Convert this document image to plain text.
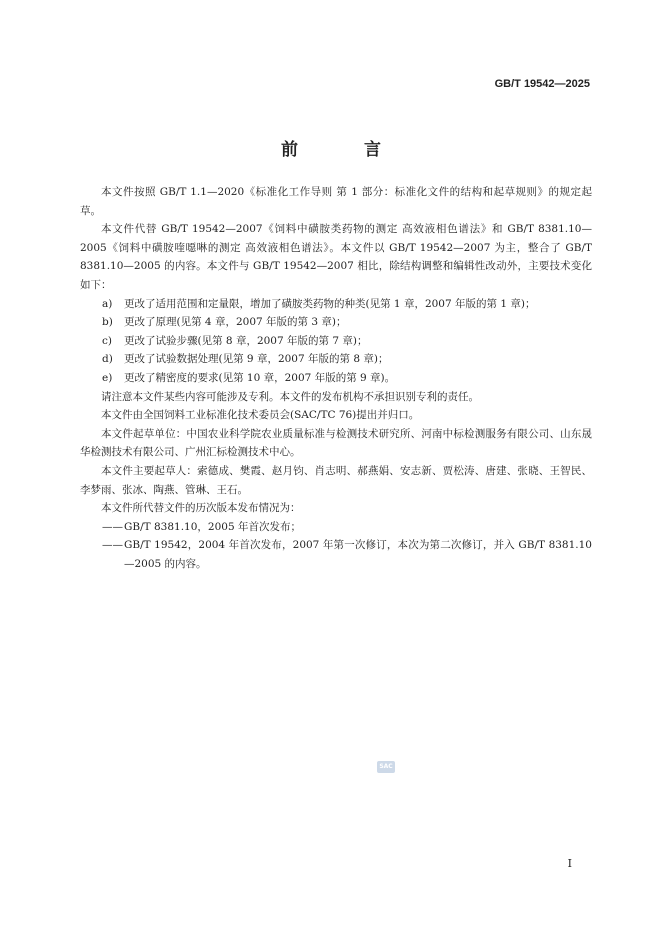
GB/T 19542—2025
前 言

本文件按照 GB/T 1.1—2020《标准化工作导则 第 1 部分：标准化文件的结构和起草规则》的规定起草。

本文件代替 GB/T 19542—2007《饲料中磺胺类药物的测定 高效液相色谱法》和 GB/T 8381.10—2005《饲料中磺胺喹噁啉的测定 高效液相色谱法》。本文件以 GB/T 19542—2007 为主，整合了 GB/T 8381.10—2005 的内容。本文件与 GB/T 19542—2007 相比，除结构调整和编辑性改动外，主要技术变化如下：

a) 更改了适用范围和定量限，增加了磺胺类药物的种类(见第 1 章，2007 年版的第 1 章)；

b) 更改了原理(见第 4 章，2007 年版的第 3 章)；

c) 更改了试验步骤(见第 8 章，2007 年版的第 7 章)；

d) 更改了试验数据处理(见第 9 章，2007 年版的第 8 章)；

e) 更改了精密度的要求(见第 10 章，2007 年版的第 9 章)。

请注意本文件某些内容可能涉及专利。本文件的发布机构不承担识别专利的责任。

本文件由全国饲料工业标准化技术委员会(SAC/TC 76)提出并归口。

本文件起草单位：中国农业科学院农业质量标准与检测技术研究所、河南中标检测服务有限公司、山东晟华检测技术有限公司、广州汇标检测技术中心。

本文件主要起草人：索德成、樊霞、赵月钧、肖志明、郝燕娟、安志新、贾松涛、唐建、张晓、王智民、李梦雨、张冰、陶燕、管琳、王石。

本文件所代替文件的历次版本发布情况为：

—— GB/T 8381.10，2005 年首次发布；

—— GB/T 19542，2004 年首次发布，2007 年第一次修订，本次为第二次修订，并入 GB/T 8381.10—2005 的内容。

SAC
I
